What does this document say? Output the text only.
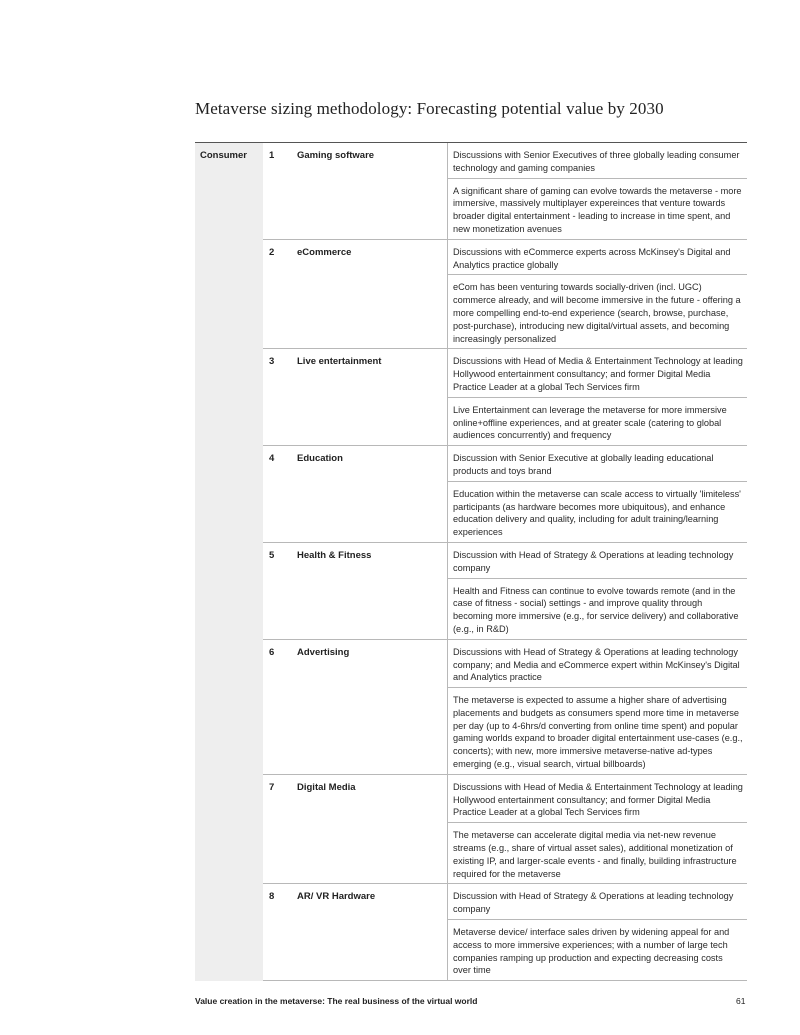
Metaverse sizing methodology: Forecasting potential value by 2030
Consumer	1	Gaming software	Discussions with Senior Executives of three globally leading consumer technology and gaming companies
A significant share of gaming can evolve towards the metaverse - more immersive, massively multiplayer expereinces that venture towards broader digital entertainment - leading to increase in time spent, and new monetization avenues
2	eCommerce	Discussions with eCommerce experts across McKinsey's Digital and Analytics practice globally
eCom has been venturing towards socially-driven (incl. UGC) commerce already, and will become immersive in the future - offering a more compelling end-to-end experience (search, browse, purchase, post-purchase), introducing new digital/virtual assets, and becoming increasingly personalized
3	Live entertainment	Discussions with Head of Media & Entertainment Technology at leading Hollywood entertainment consultancy; and former Digital Media Practice Leader at a global Tech Services firm
Live Entertainment can leverage the metaverse for more immersive online+offline experiences, and at greater scale (catering to global audiences concurrently) and frequency
4	Education	Discussion with Senior Executive at globally leading educational products and toys brand
Education within the metaverse can scale access to virtually 'limiteless' participants (as hardware becomes more ubiquitous), and enhance education delivery and quality, including for adult training/learning experiences
5	Health & Fitness	Discussion with Head of Strategy & Operations at leading technology company
Health and Fitness can continue to evolve towards remote (and in the case of fitness - social) settings - and improve quality through becoming more immersive (e.g., for service delivery) and collaborative (e.g., in R&D)
6	Advertising	Discussions with Head of Strategy & Operations at leading technology company; and Media and eCommerce expert within McKinsey's Digital and Analytics practice
The metaverse is expected to assume a higher share of advertising placements and budgets as consumers spend more time in metaverse per day (up to 4-6hrs/d converting from online time spent) and popular gaming worlds expand to broader digital entertainment use-cases (e.g., concerts); with new, more immersive metaverse-native ad-types emerging (e.g., visual search, virtual billboards)
7	Digital Media	Discussions with Head of Media & Entertainment Technology at leading Hollywood entertainment consultancy; and former Digital Media Practice Leader at a global Tech Services firm
The metaverse can accelerate digital media via net-new revenue streams (e.g., share of virtual asset sales), additional monetization of existing IP, and larger-scale events - and finally, building infrastructure required for the metaverse
8	AR/ VR Hardware	Discussion with Head of Strategy & Operations at leading technology company
Metaverse device/ interface sales driven by widening appeal for and access to more immersive experiences; with a number of large tech companies ramping up production and expecting decreasing costs over time
Value creation in the metaverse: The real business of the virtual world	61
